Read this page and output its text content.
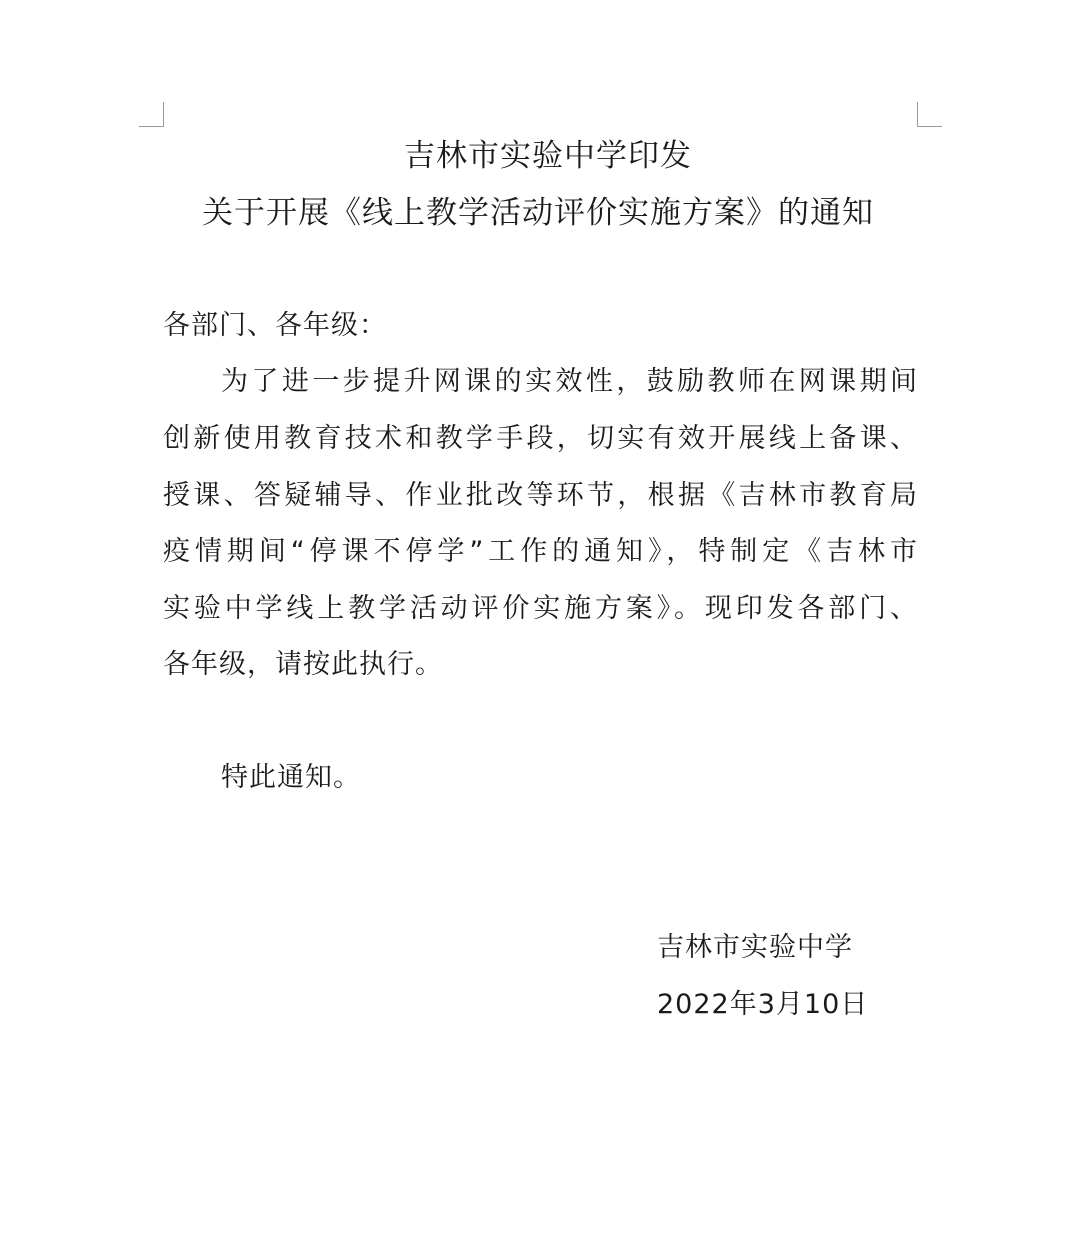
吉林市实验中学印发
关于开展《线上教学活动评价实施方案》的通知
各部门、各年级：
为了进一步提升网课的实效性，鼓励教师在网课期间
创新使用教育技术和教学手段，切实有效开展线上备课、
授课、答疑辅导、作业批改等环节，根据《吉林市教育局
疫情期间“停课不停学”工作的通知》，特制定《吉林市
实验中学线上教学活动评价实施方案》。现印发各部门、
各年级，请按此执行。
特此通知。
吉林市实验中学
2022年3月10日
